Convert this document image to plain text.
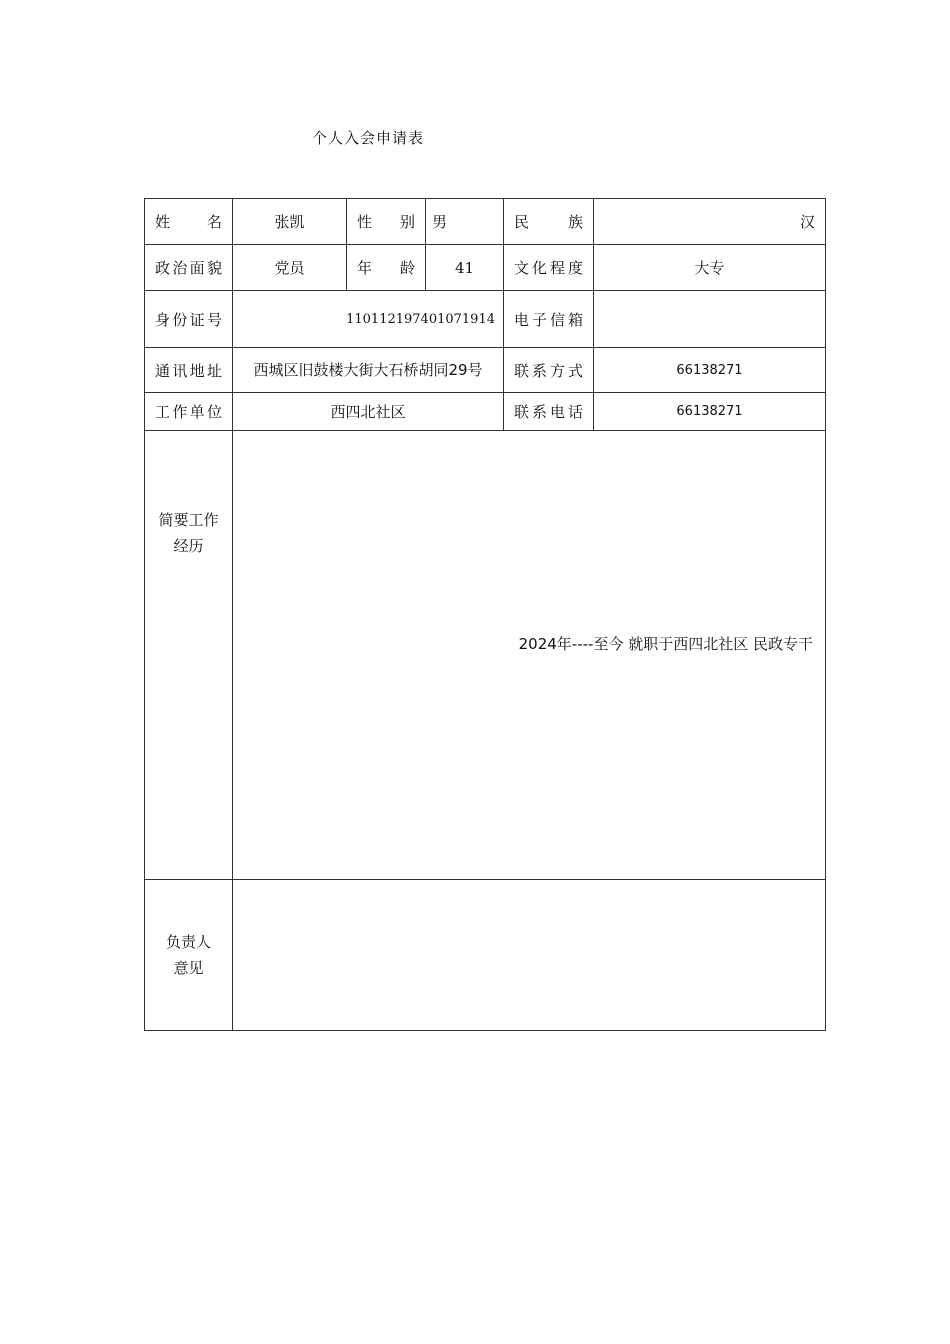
个人入会申请表
姓名	张凯	性别	男	民族	汉
政治面貌	党员	年龄	41	文化程度	大专
身份证号	110112197401071914			电子信箱	
通讯地址	西城区旧鼓楼大街大石桥胡同29号			联系方式	66138271
工作单位	西四北社区			联系电话	66138271

简要工作经历	2024年----至今 就职于西四北社区 民政专干				

负责人意见					
